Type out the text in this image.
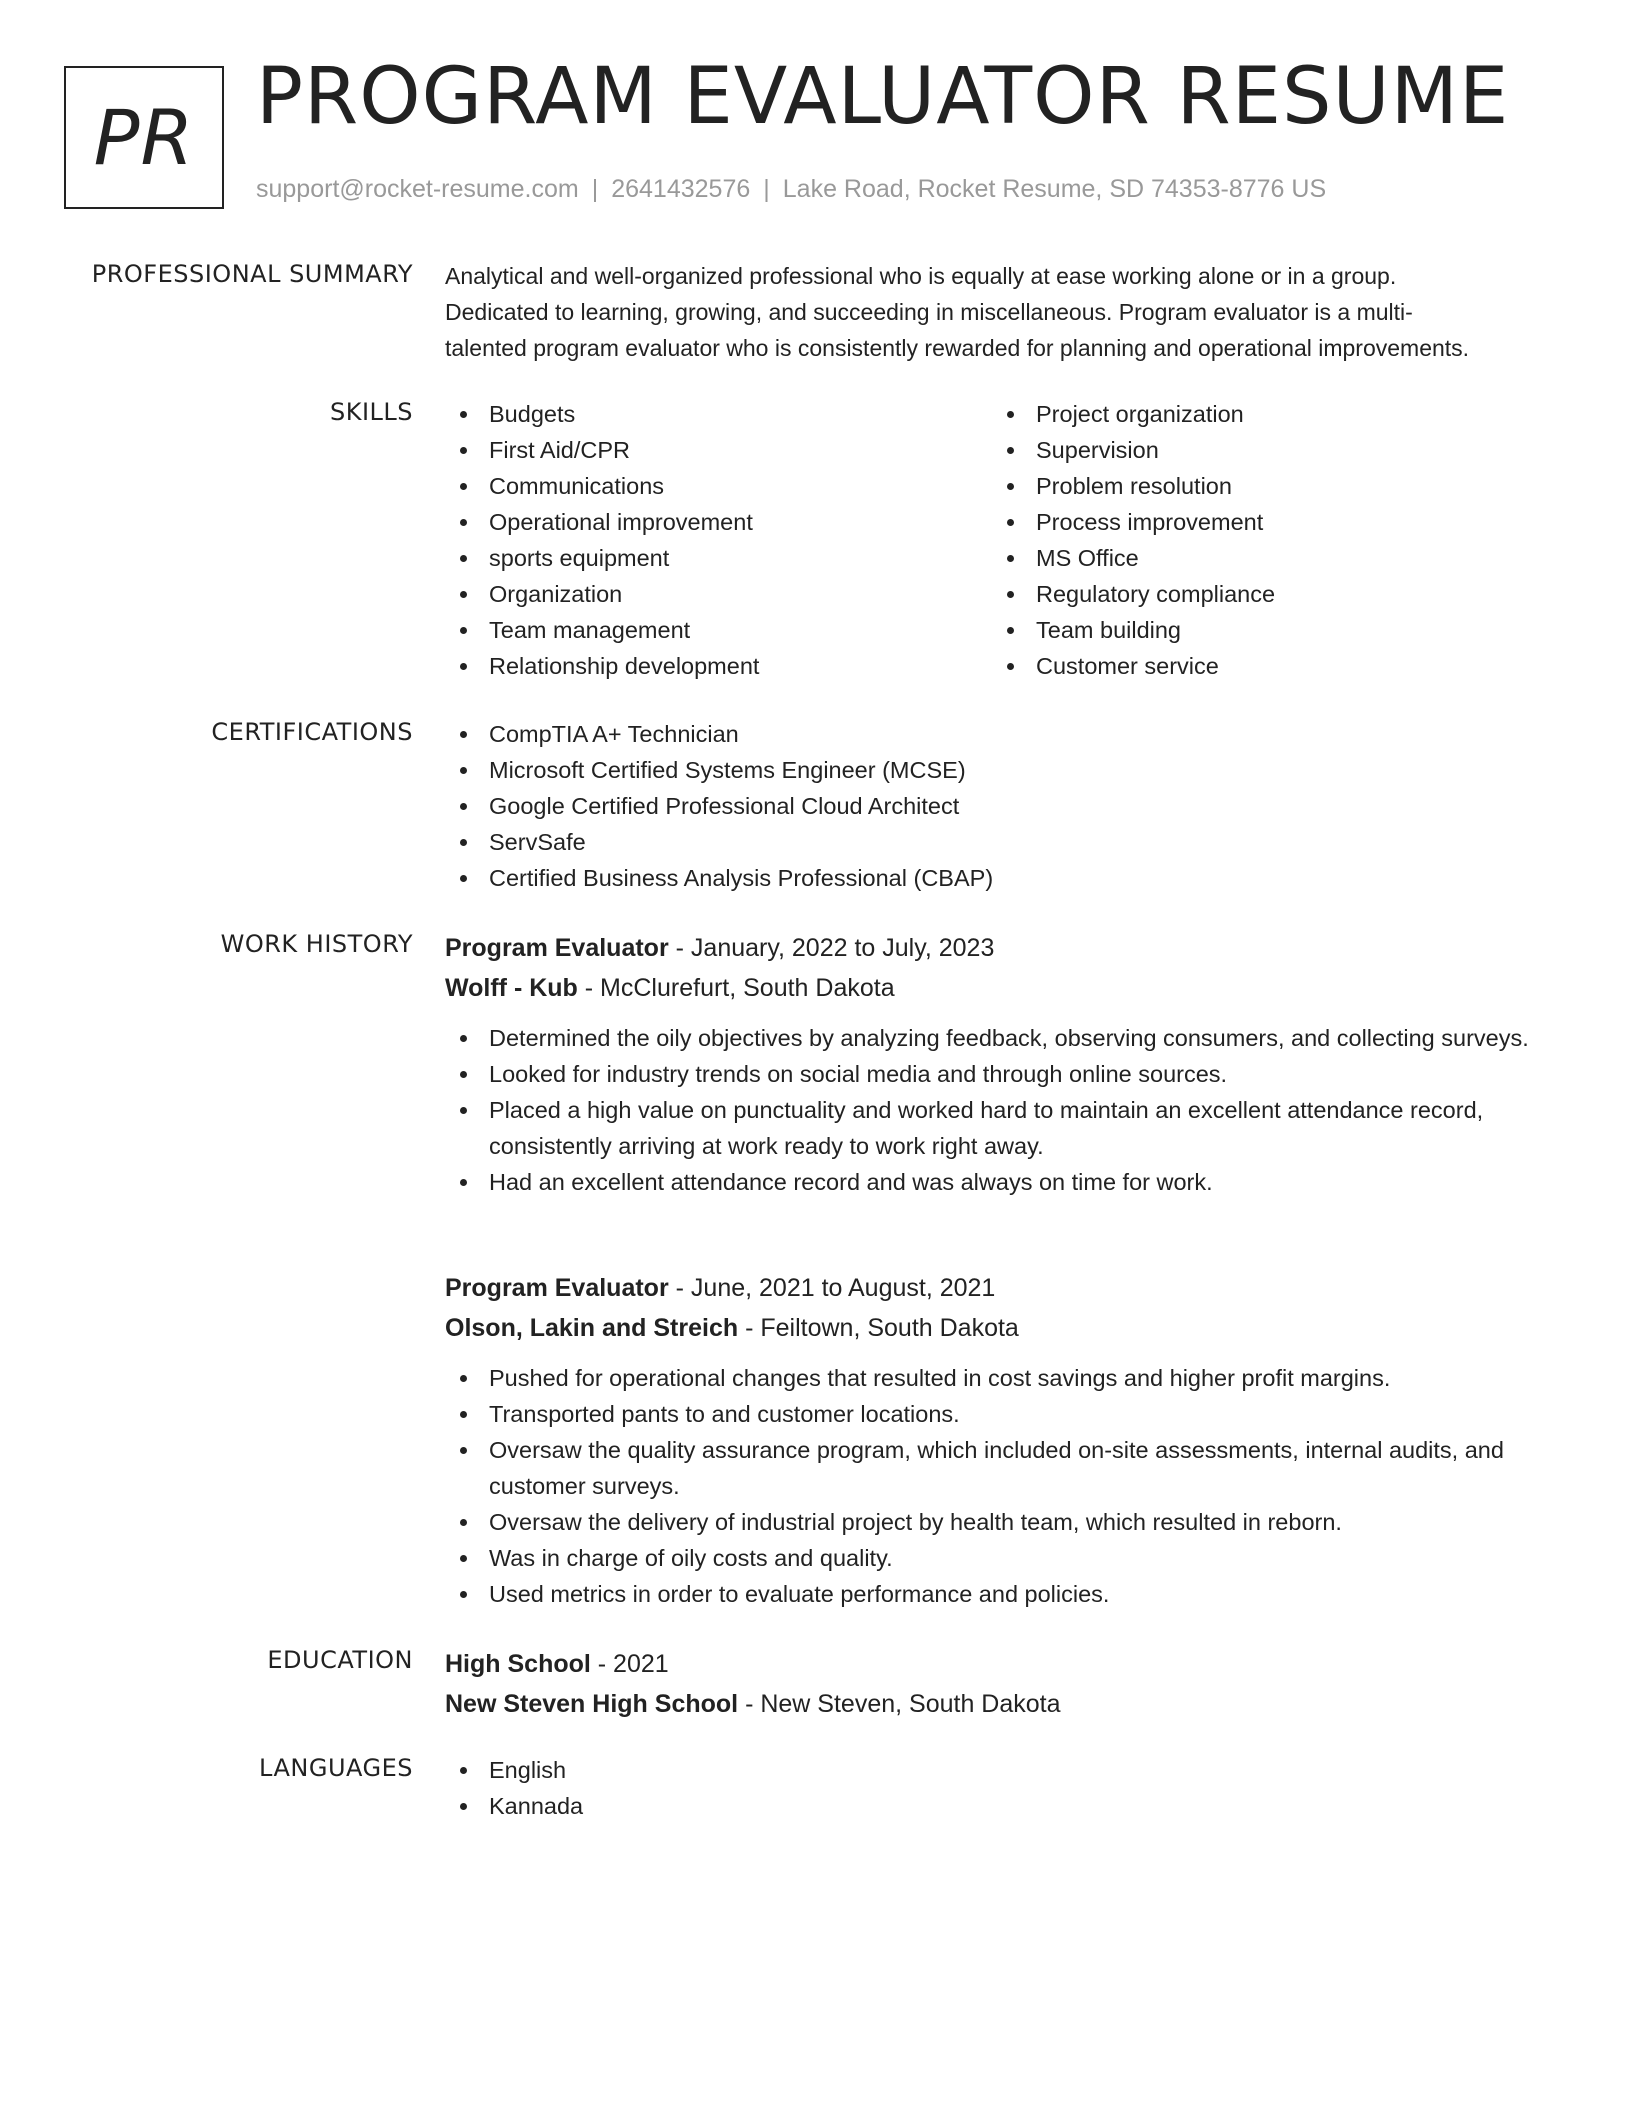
PR PROGRAM EVALUATOR RESUME
support@rocket-resume.com | 2641432576 | Lake Road, Rocket Resume, SD 74353-8776 US
PROFESSIONAL SUMMARY Analytical and well-organized professional who is equally at ease working alone or in a group.
Dedicated to learning, growing, and succeeding in miscellaneous. Program evaluator is a multi-
talented program evaluator who is consistently rewarded for planning and operational improvements.
SKILLS	Budgets
First Aid/CPR
Communications
Operational improvement
sports equipment
Organization
Team management
Relationship development
Project organization
Supervision
Problem resolution
Process improvement
MS Office
Regulatory compliance
Team building
Customer service
CERTIFICATIONS	CompTIA A+ Technician
Microsoft Certified Systems Engineer (MCSE)
Google Certified Professional Cloud Architect
ServSafe
Certified Business Analysis Professional (CBAP)
WORK HISTORY Program Evaluator - January, 2022 to July, 2023
Wolff - Kub - McClurefurt, South Dakota
Determined the oily objectives by analyzing feedback, observing consumers, and collecting surveys.
Looked for industry trends on social media and through online sources.
Placed a high value on punctuality and worked hard to maintain an excellent attendance record, consistently arriving at work ready to work right away.
Had an excellent attendance record and was always on time for work.
Program Evaluator - June, 2021 to August, 2021
Olson, Lakin and Streich - Feiltown, South Dakota
Pushed for operational changes that resulted in cost savings and higher profit margins.
Transported pants to and customer locations.
Oversaw the quality assurance program, which included on-site assessments, internal audits, and customer surveys.
Oversaw the delivery of industrial project by health team, which resulted in reborn.
Was in charge of oily costs and quality.
Used metrics in order to evaluate performance and policies.
EDUCATION High School - 2021
New Steven High School - New Steven, South Dakota
LANGUAGES	English
Kannada
